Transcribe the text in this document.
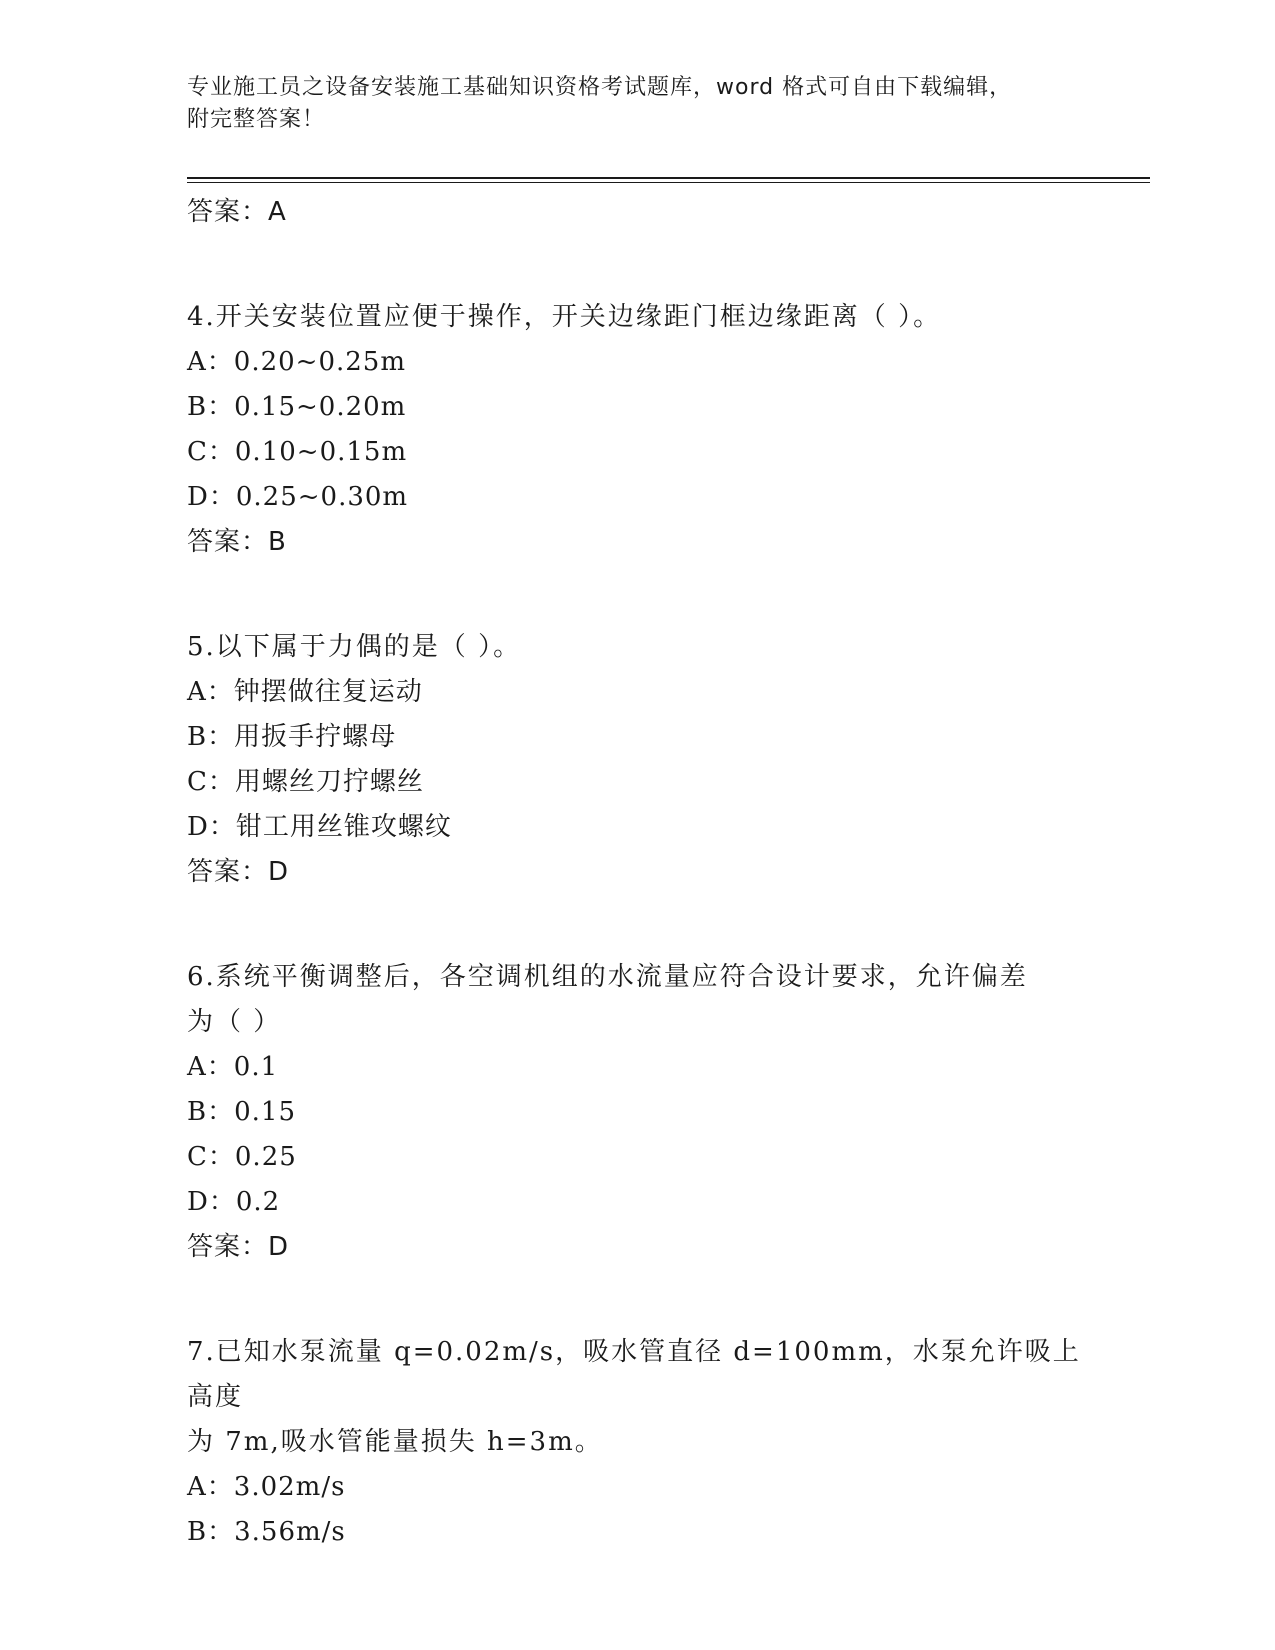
专业施工员之设备安装施工基础知识资格考试题库，word 格式可自由下载编辑，
附完整答案！
答案：A
4.开关安装位置应便于操作，开关边缘距门框边缘距离（ ）。
A：0.20~0.25m
B：0.15~0.20m
C：0.10~0.15m
D：0.25~0.30m
答案：B
5.以下属于力偶的是（ ）。
A：钟摆做往复运动
B：用扳手拧螺母
C：用螺丝刀拧螺丝
D：钳工用丝锥攻螺纹
答案：D
6.系统平衡调整后，各空调机组的水流量应符合设计要求，允许偏差
为（ ）
A：0.1
B：0.15
C：0.25
D：0.2
答案：D
7.已知水泵流量 q=0.02m/s，吸水管直径 d=100mm，水泵允许吸上高度
为 7m,吸水管能量损失 h=3m。
A：3.02m/s
B：3.56m/s
